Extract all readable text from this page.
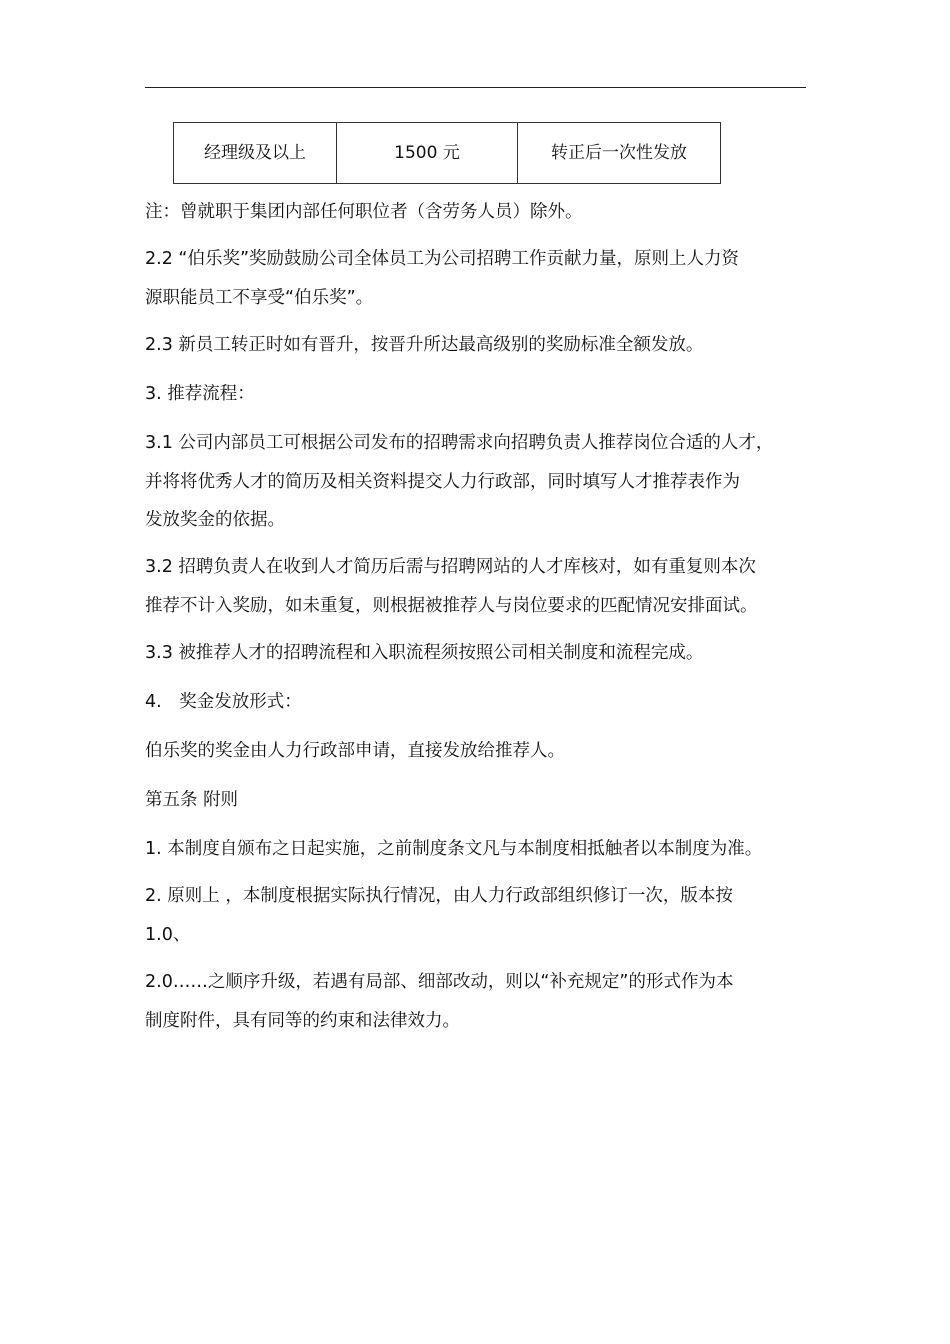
经理级及以上	1500 元	转正后一次性发放

注：曾就职于集团内部任何职位者（含劳务人员）除外。

2.2 “伯乐奖”奖励鼓励公司全体员工为公司招聘工作贡献力量，原则上人力资

源职能员工不享受“伯乐奖”。

2.3 新员工转正时如有晋升，按晋升所达最高级别的奖励标准全额发放。

3. 推荐流程：

3.1 公司内部员工可根据公司发布的招聘需求向招聘负责人推荐岗位合适的人才，

并将将优秀人才的简历及相关资料提交人力行政部，同时填写人才推荐表作为

发放奖金的依据。

3.2 招聘负责人在收到人才简历后需与招聘网站的人才库核对，如有重复则本次

推荐不计入奖励，如未重复，则根据被推荐人与岗位要求的匹配情况安排面试。

3.3 被推荐人才的招聘流程和入职流程须按照公司相关制度和流程完成。

4.　奖金发放形式：

伯乐奖的奖金由人力行政部申请，直接发放给推荐人。

第五条 附则

1. 本制度自颁布之日起实施，之前制度条文凡与本制度相抵触者以本制度为准。

2. 原则上 ，本制度根据实际执行情况，由人力行政部组织修订一次，版本按

1.0、

2.0……之顺序升级，若遇有局部、细部改动，则以“补充规定”的形式作为本

制度附件，具有同等的约束和法律效力。
